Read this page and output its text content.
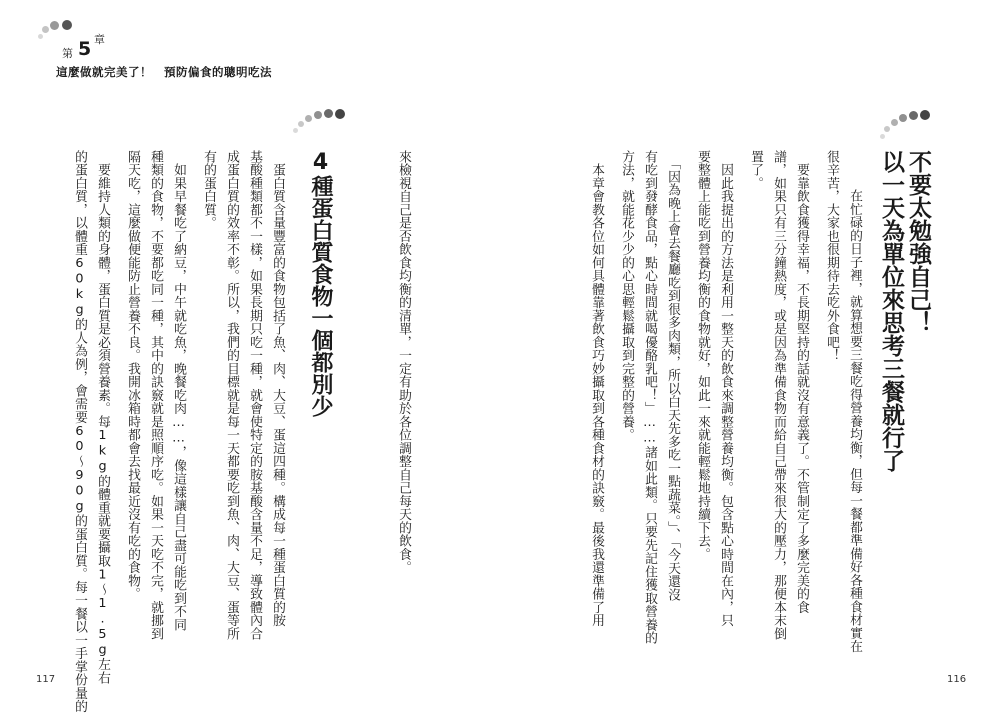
第 5 章
這麼做就完美了！　預防偏食的聰明吃法
不要太勉強自己！
以一天為單位來思考三餐就行了
　在忙碌的日子裡，就算想要三餐吃得營養均衡，但每一餐都準備好各種食材實在
很辛苦，大家也很期待去吃外食吧！
　要靠飲食獲得幸福，不長期堅持的話就沒有意義了。不管制定了多麼完美的食
譜，如果只有三分鐘熱度，或是因為準備食物而給自己帶來很大的壓力，那便本末倒
置了。
　因此我提出的方法是利用一整天的飲食來調整營養均衡。包含點心時間在內，只
要整體上能吃到營養均衡的食物就好，如此一來就能輕鬆地持續下去。
　「因為晚上會去餐廳吃到很多肉類，所以白天先多吃一點蔬菜。」、「今天還沒
有吃到發酵食品，點心時間就喝優酪乳吧！」……諸如此類。只要先記住獲取營養的
方法，就能花少少的心思輕鬆攝取到完整的營養。
　本章會教各位如何具體靠著飲食巧妙攝取到各種食材的訣竅。最後我還準備了用
116
來檢視自己是否飲食均衡的清單，一定有助於各位調整自己每天的飲食。
4種蛋白質食物一個都別少
　蛋白質含量豐富的食物包括了魚、肉、大豆、蛋這四種。構成每一種蛋白質的胺
基酸種類都不一樣，如果長期只吃一種，就會使特定的胺基酸含量不足，導致體內合
成蛋白質的效率不彰。所以，我們的目標就是每一天都要吃到魚、肉、大豆、蛋等所
有的蛋白質。
　如果早餐吃了納豆，中午就吃魚，晚餐吃肉……，像這樣讓自己盡可能吃到不同
種類的食物，不要都吃同一種，其中的訣竅就是照順序吃。如果一天吃不完，就挪到
隔天吃，這麼做便能防止營養不良。我開冰箱時都會去找最近沒有吃的食物。
　要維持人類的身體，蛋白質是必須營養素。每1kg的體重就要攝取1～1.5g左右
的蛋白質，以體重60kg的人為例，會需要60～90g的蛋白質。每一餐以一手掌份量的
117
